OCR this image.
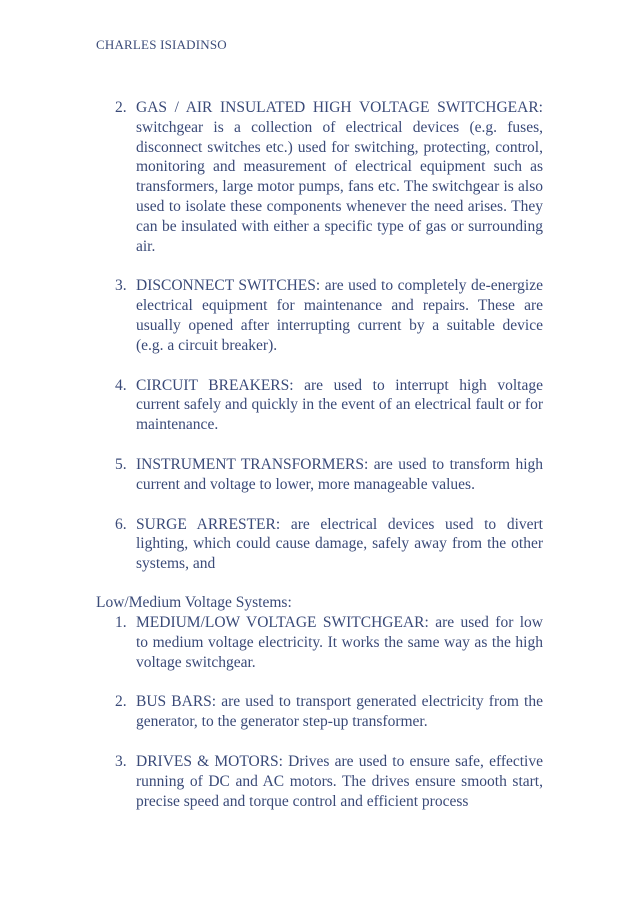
CHARLES ISIADINSO
2. GAS / AIR INSULATED HIGH VOLTAGE SWITCHGEAR: switchgear is a collection of electrical devices (e.g. fuses, disconnect switches etc.) used for switching, protecting, control, monitoring and measurement of electrical equipment such as transformers, large motor pumps, fans etc. The switchgear is also used to isolate these components whenever the need arises. They can be insulated with either a specific type of gas or surrounding air.
3. DISCONNECT SWITCHES: are used to completely de-energize electrical equipment for maintenance and repairs. These are usually opened after interrupting current by a suitable device (e.g. a circuit breaker).
4. CIRCUIT BREAKERS: are used to interrupt high voltage current safely and quickly in the event of an electrical fault or for maintenance.
5. INSTRUMENT TRANSFORMERS: are used to transform high current and voltage to lower, more manageable values.
6. SURGE ARRESTER: are electrical devices used to divert lighting, which could cause damage, safely away from the other systems, and
Low/Medium Voltage Systems:
1. MEDIUM/LOW VOLTAGE SWITCHGEAR: are used for low to medium voltage electricity. It works the same way as the high voltage switchgear.
2. BUS BARS: are used to transport generated electricity from the generator, to the generator step-up transformer.
3. DRIVES & MOTORS: Drives are used to ensure safe, effective running of DC and AC motors. The drives ensure smooth start, precise speed and torque control and efficient process
